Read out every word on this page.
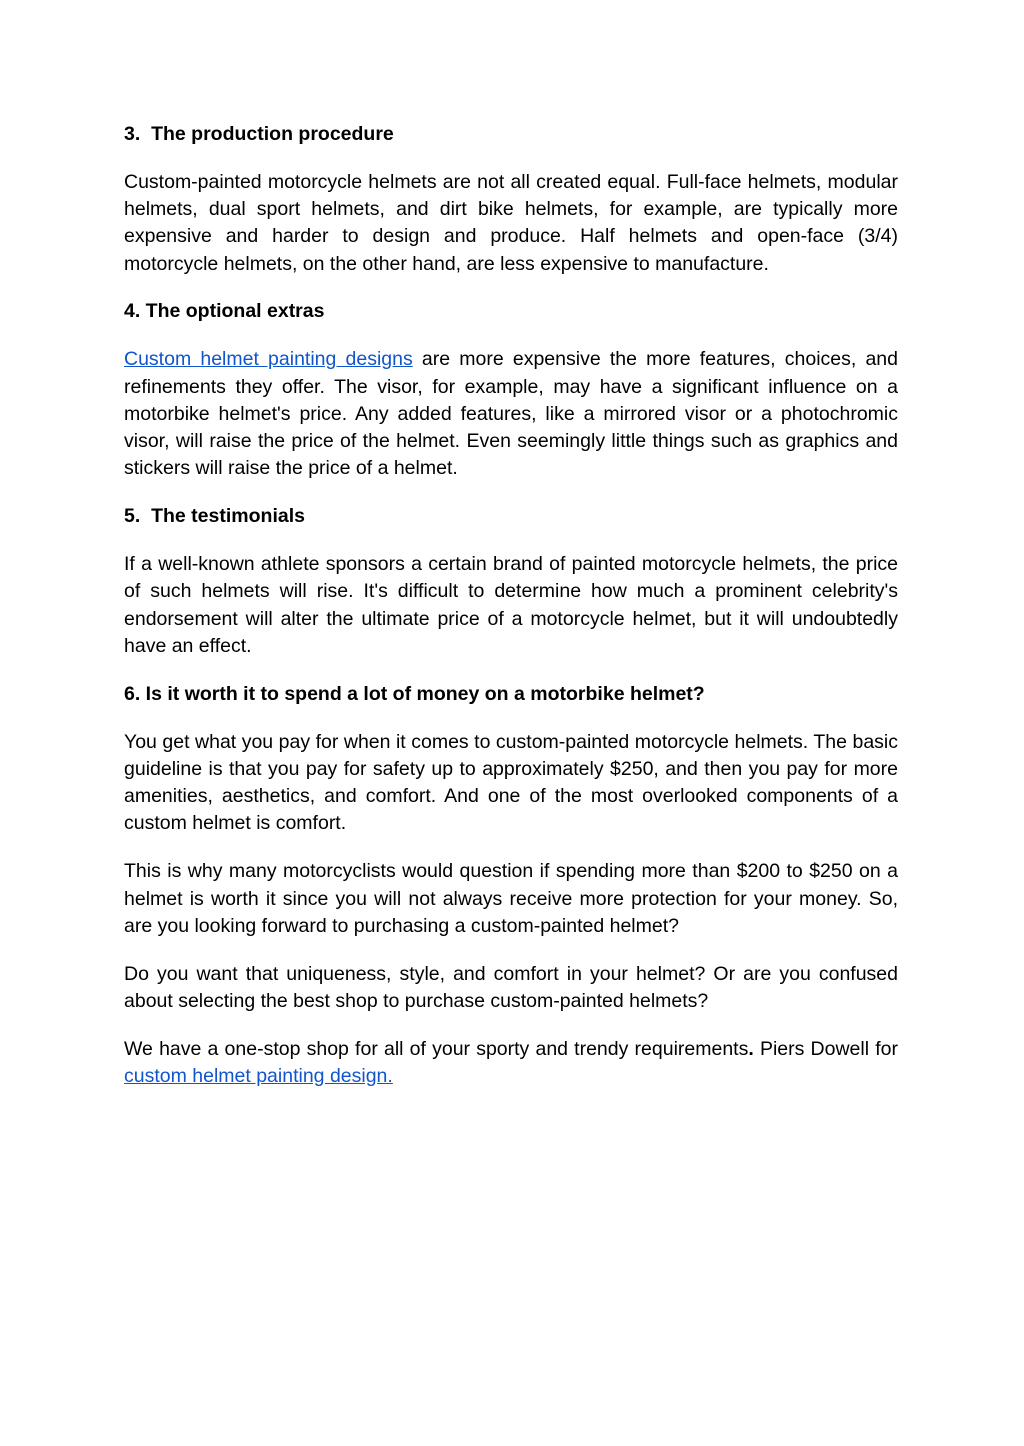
3.  The production procedure

Custom-painted motorcycle helmets are not all created equal. Full-face helmets, modular helmets, dual sport helmets, and dirt bike helmets, for example, are typically more expensive and harder to design and produce. Half helmets and open-face (3/4) motorcycle helmets, on the other hand, are less expensive to manufacture.

4. The optional extras

Custom helmet painting designs are more expensive the more features, choices, and refinements they offer. The visor, for example, may have a significant influence on a motorbike helmet's price. Any added features, like a mirrored visor or a photochromic visor, will raise the price of the helmet. Even seemingly little things such as graphics and stickers will raise the price of a helmet.

5.  The testimonials

If a well-known athlete sponsors a certain brand of painted motorcycle helmets, the price of such helmets will rise. It's difficult to determine how much a prominent celebrity's endorsement will alter the ultimate price of a motorcycle helmet, but it will undoubtedly have an effect.

6. Is it worth it to spend a lot of money on a motorbike helmet?

You get what you pay for when it comes to custom-painted motorcycle helmets. The basic guideline is that you pay for safety up to approximately $250, and then you pay for more amenities, aesthetics, and comfort. And one of the most overlooked components of a custom helmet is comfort.

This is why many motorcyclists would question if spending more than $200 to $250 on a helmet is worth it since you will not always receive more protection for your money. So, are you looking forward to purchasing a custom-painted helmet?

Do you want that uniqueness, style, and comfort in your helmet? Or are you confused about selecting the best shop to purchase custom-painted helmets?

We have a one-stop shop for all of your sporty and trendy requirements. Piers Dowell for custom helmet painting design.
